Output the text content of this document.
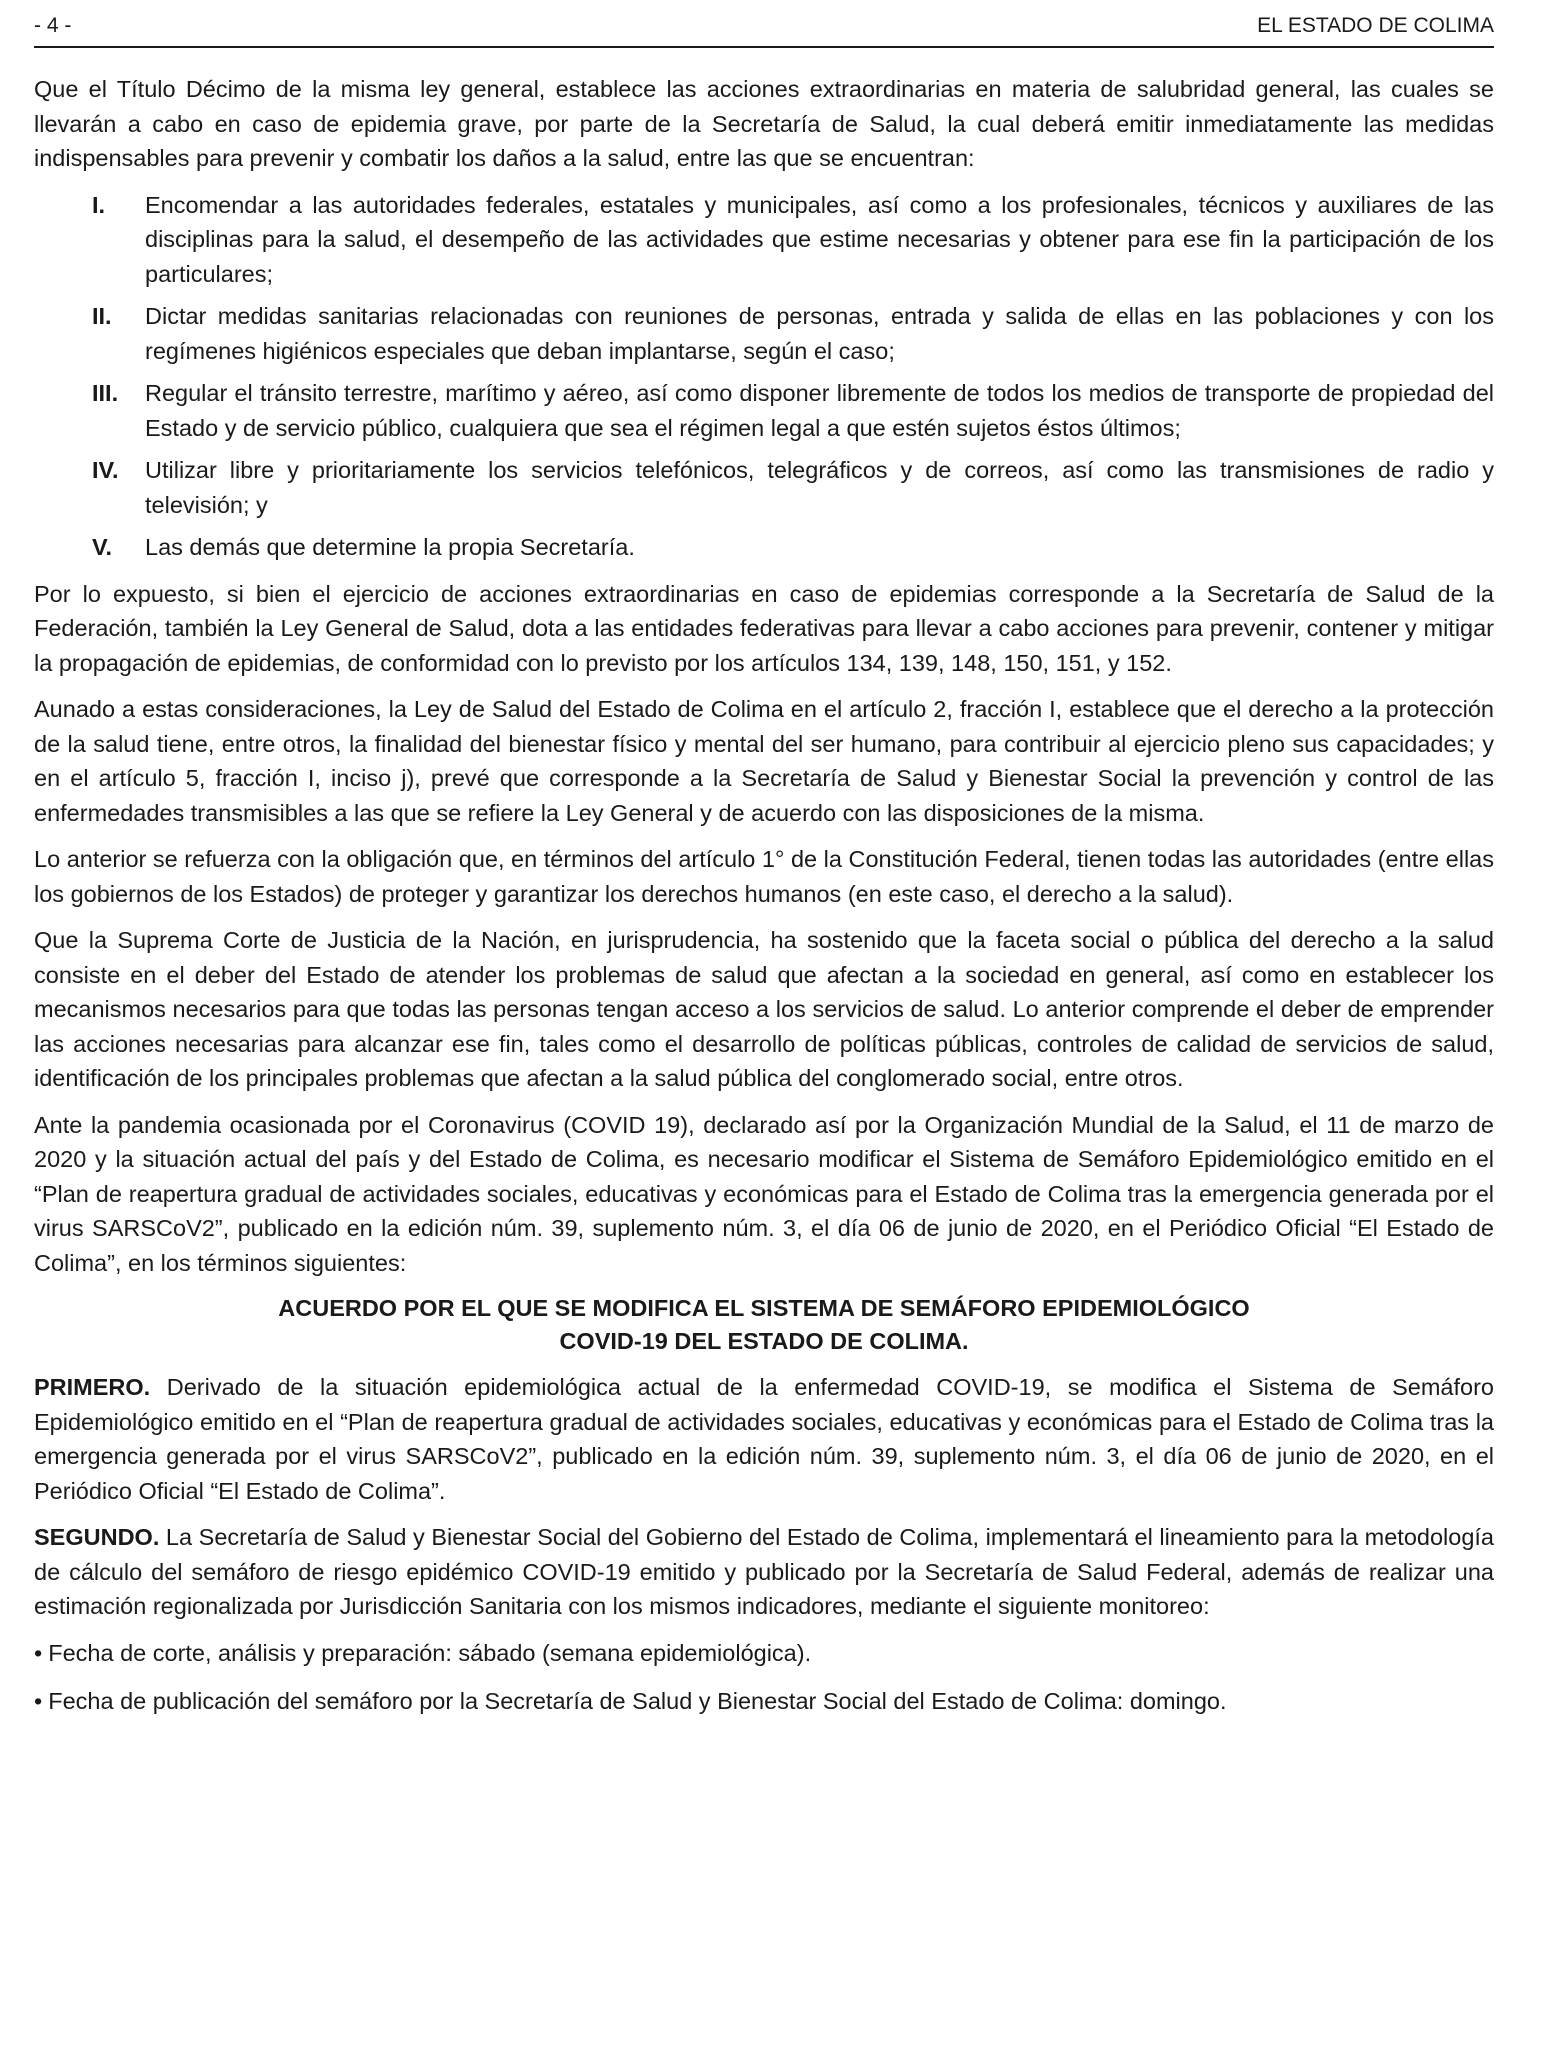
- 4 -	EL ESTADO DE COLIMA

Que el Título Décimo de la misma ley general, establece las acciones extraordinarias en materia de salubridad general, las cuales se llevarán a cabo en caso de epidemia grave, por parte de la Secretaría de Salud, la cual deberá emitir inmediatamente las medidas indispensables para prevenir y combatir los daños a la salud, entre las que se encuentran:

I.	Encomendar a las autoridades federales, estatales y municipales, así como a los profesionales, técnicos y auxiliares de las disciplinas para la salud, el desempeño de las actividades que estime necesarias y obtener para ese fin la participación de los particulares;
II.	Dictar medidas sanitarias relacionadas con reuniones de personas, entrada y salida de ellas en las poblaciones y con los regímenes higiénicos especiales que deban implantarse, según el caso;
III.	Regular el tránsito terrestre, marítimo y aéreo, así como disponer libremente de todos los medios de transporte de propiedad del Estado y de servicio público, cualquiera que sea el régimen legal a que estén sujetos éstos últimos;
IV.	Utilizar libre y prioritariamente los servicios telefónicos, telegráficos y de correos, así como las transmisiones de radio y televisión; y
V.	Las demás que determine la propia Secretaría.

Por lo expuesto, si bien el ejercicio de acciones extraordinarias en caso de epidemias corresponde a la Secretaría de Salud de la Federación, también la Ley General de Salud, dota a las entidades federativas para llevar a cabo acciones para prevenir, contener y mitigar la propagación de epidemias, de conformidad con lo previsto por los artículos 134, 139, 148, 150, 151, y 152.

Aunado a estas consideraciones, la Ley de Salud del Estado de Colima en el artículo 2, fracción I, establece que el derecho a la protección de la salud tiene, entre otros, la finalidad del bienestar físico y mental del ser humano, para contribuir al ejercicio pleno sus capacidades; y en el artículo 5, fracción I, inciso j), prevé que corresponde a la Secretaría de Salud y Bienestar Social la prevención y control de las enfermedades transmisibles a las que se refiere la Ley General y de acuerdo con las disposiciones de la misma.

Lo anterior se refuerza con la obligación que, en términos del artículo 1° de la Constitución Federal, tienen todas las autoridades (entre ellas los gobiernos de los Estados) de proteger y garantizar los derechos humanos (en este caso, el derecho a la salud).

Que la Suprema Corte de Justicia de la Nación, en jurisprudencia, ha sostenido que la faceta social o pública del derecho a la salud consiste en el deber del Estado de atender los problemas de salud que afectan a la sociedad en general, así como en establecer los mecanismos necesarios para que todas las personas tengan acceso a los servicios de salud. Lo anterior comprende el deber de emprender las acciones necesarias para alcanzar ese fin, tales como el desarrollo de políticas públicas, controles de calidad de servicios de salud, identificación de los principales problemas que afectan a la salud pública del conglomerado social, entre otros.

Ante la pandemia ocasionada por el Coronavirus (COVID 19), declarado así por la Organización Mundial de la Salud, el 11 de marzo de 2020 y la situación actual del país y del Estado de Colima, es necesario modificar el Sistema de Semáforo Epidemiológico emitido en el “Plan de reapertura gradual de actividades sociales, educativas y económicas para el Estado de Colima tras la emergencia generada por el virus SARSCoV2”, publicado en la edición núm. 39, suplemento núm. 3, el día 06 de junio de 2020, en el Periódico Oficial “El Estado de Colima”, en los términos siguientes:

ACUERDO POR EL QUE SE MODIFICA EL SISTEMA DE SEMÁFORO EPIDEMIOLÓGICO
COVID-19 DEL ESTADO DE COLIMA.

PRIMERO. Derivado de la situación epidemiológica actual de la enfermedad COVID-19, se modifica el Sistema de Semáforo Epidemiológico emitido en el “Plan de reapertura gradual de actividades sociales, educativas y económicas para el Estado de Colima tras la emergencia generada por el virus SARSCoV2”, publicado en la edición núm. 39, suplemento núm. 3, el día 06 de junio de 2020, en el Periódico Oficial “El Estado de Colima”.

SEGUNDO. La Secretaría de Salud y Bienestar Social del Gobierno del Estado de Colima, implementará el lineamiento para la metodología de cálculo del semáforo de riesgo epidémico COVID-19 emitido y publicado por la Secretaría de Salud Federal, además de realizar una estimación regionalizada por Jurisdicción Sanitaria con los mismos indicadores, mediante el siguiente monitoreo:

• Fecha de corte, análisis y preparación: sábado (semana epidemiológica).
• Fecha de publicación del semáforo por la Secretaría de Salud y Bienestar Social del Estado de Colima: domingo.
